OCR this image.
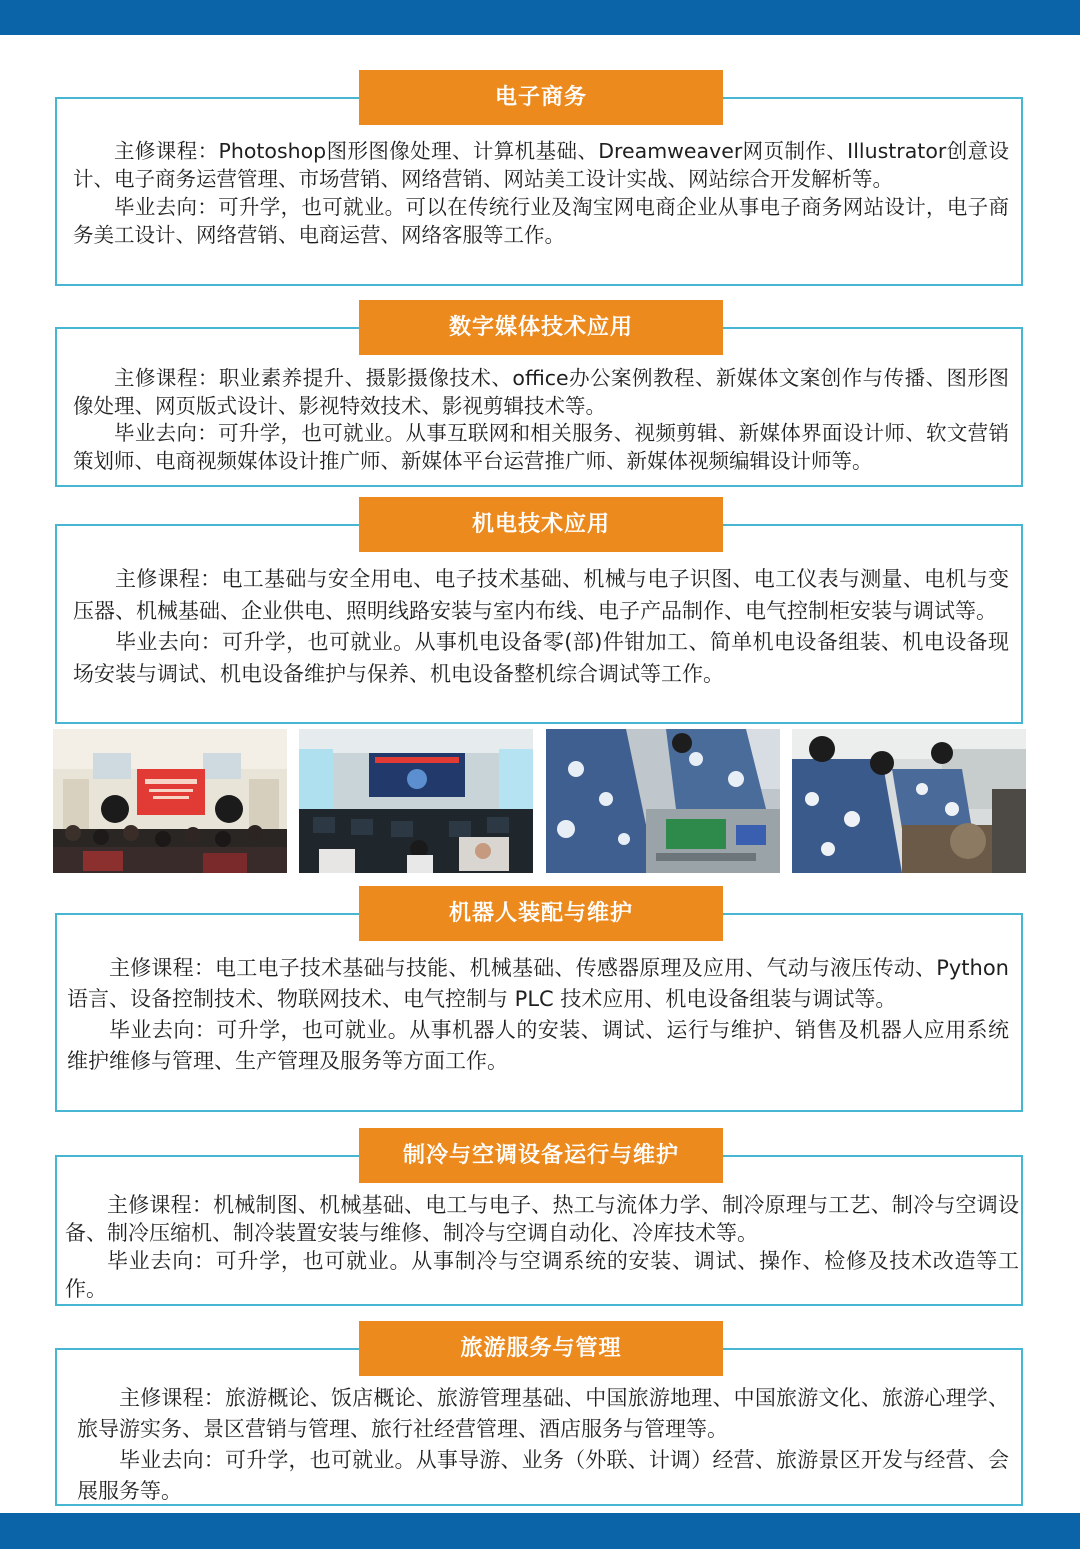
电子商务

主修课程：Photoshop图形图像处理、计算机基础、Dreamweaver网页制作、Illustrator创意设计、电子商务运营管理、市场营销、网络营销、网站美工设计实战、网站综合开发解析等。

毕业去向：可升学，也可就业。可以在传统行业及淘宝网电商企业从事电子商务网站设计，电子商务美工设计、网络营销、电商运营、网络客服等工作。

数字媒体技术应用

主修课程：职业素养提升、摄影摄像技术、office办公案例教程、新媒体文案创作与传播、图形图像处理、网页版式设计、影视特效技术、影视剪辑技术等。

毕业去向：可升学，也可就业。从事互联网和相关服务、视频剪辑、新媒体界面设计师、软文营销策划师、电商视频媒体设计推广师、新媒体平台运营推广师、新媒体视频编辑设计师等。

机电技术应用

主修课程：电工基础与安全用电、电子技术基础、机械与电子识图、电工仪表与测量、电机与变压器、机械基础、企业供电、照明线路安装与室内布线、电子产品制作、电气控制柜安装与调试等。

毕业去向：可升学，也可就业。从事机电设备零(部)件钳加工、简单机电设备组装、机电设备现场安装与调试、机电设备维护与保养、机电设备整机综合调试等工作。

机器人装配与维护

主修课程：电工电子技术基础与技能、机械基础、传感器原理及应用、气动与液压传动、Python 语言、设备控制技术、物联网技术、电气控制与 PLC 技术应用、机电设备组装与调试等。

毕业去向：可升学，也可就业。从事机器人的安装、调试、运行与维护、销售及机器人应用系统维护维修与管理、生产管理及服务等方面工作。

制冷与空调设备运行与维护

主修课程：机械制图、机械基础、电工与电子、热工与流体力学、制冷原理与工艺、制冷与空调设备、制冷压缩机、制冷装置安装与维修、制冷与空调自动化、冷库技术等。

毕业去向：可升学，也可就业。从事制冷与空调系统的安装、调试、操作、检修及技术改造等工作。

旅游服务与管理

主修课程：旅游概论、饭店概论、旅游管理基础、中国旅游地理、中国旅游文化、旅游心理学、旅导游实务、景区营销与管理、旅行社经营管理、酒店服务与管理等。

毕业去向：可升学，也可就业。从事导游、业务（外联、计调）经营、旅游景区开发与经营、会展服务等。
